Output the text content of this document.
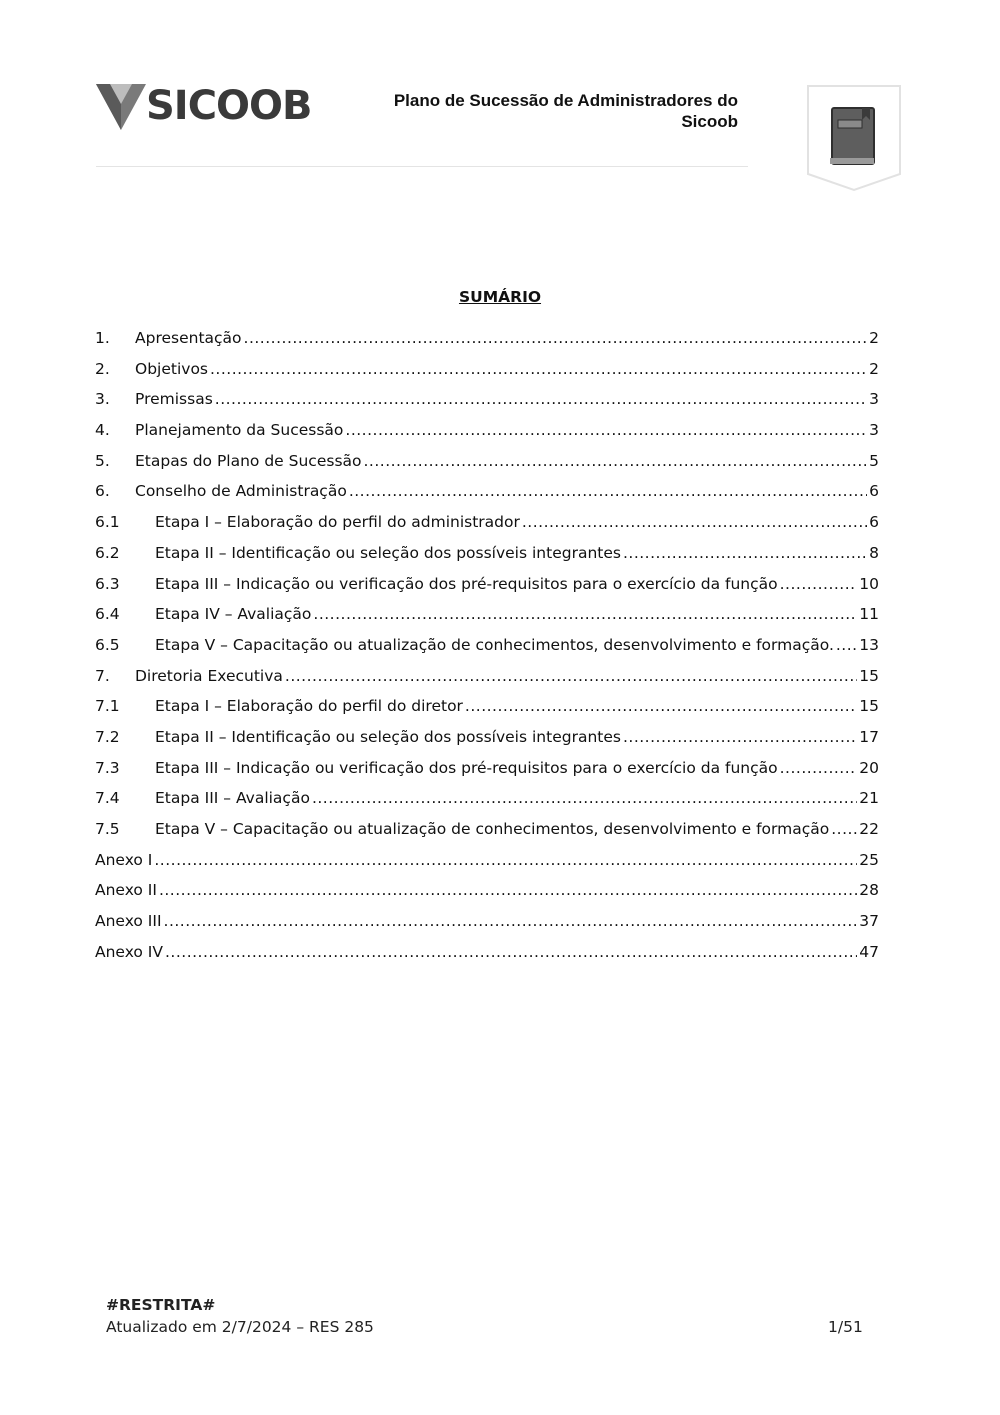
SICOOB	Plano de Sucessão de Administradores do
Sicoob
SUMÁRIO
1.	Apresentação .....	2
2.	Objetivos .....	2
3.	Premissas .....	3
4.	Planejamento da Sucessão .....	3
5.	Etapas do Plano de Sucessão .....	5
6.	Conselho de Administração .....	6
6.1	Etapa I – Elaboração do perfil do administrador .....	6
6.2	Etapa II – Identificação ou seleção dos possíveis integrantes .....	8
6.3	Etapa III – Indicação ou verificação dos pré-requisitos para o exercício da função .....	10
6.4	Etapa IV – Avaliação .....	11
6.5	Etapa V – Capacitação ou atualização de conhecimentos, desenvolvimento e formação. ..... 13
7.	Diretoria Executiva .....	15
7.1	Etapa I – Elaboração do perfil do diretor .....	15
7.2	Etapa II – Identificação ou seleção dos possíveis integrantes .....	17
7.3	Etapa III – Indicação ou verificação dos pré-requisitos para o exercício da função .....	20
7.4	Etapa III – Avaliação .....	21
7.5	Etapa V – Capacitação ou atualização de conhecimentos, desenvolvimento e formação ..... 22
Anexo I .....	25
Anexo II .....	28
Anexo III .....	37
Anexo IV .....	47
#RESTRITA#
Atualizado em 2/7/2024 – RES 285	1/51
